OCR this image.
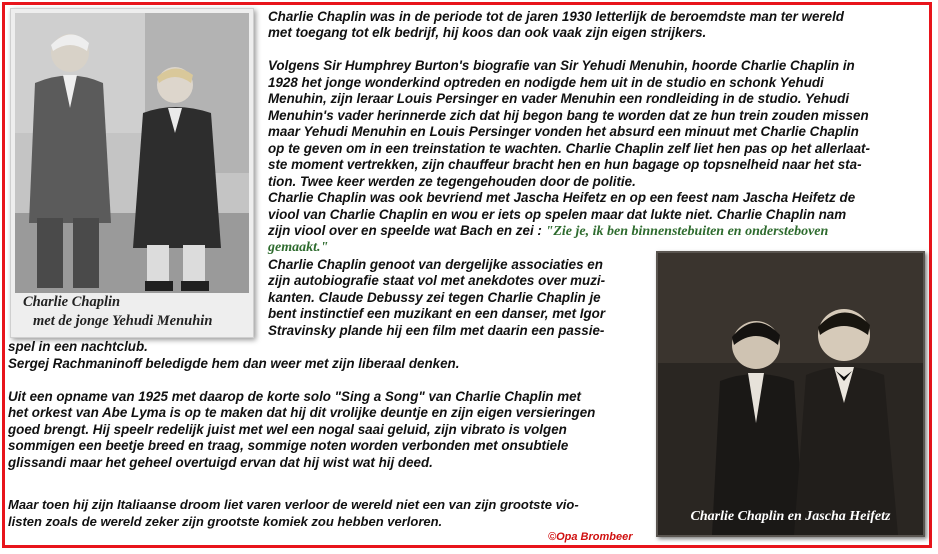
Charlie Chaplin
met de jonge Yehudi Menuhin
Charlie Chaplin en Jascha Heifetz

Charlie Chaplin was in de periode tot de jaren 1930 letterlijk de beroemdste man ter wereld

met toegang tot elk bedrijf, hij koos dan ook vaak zijn eigen strijkers.

Volgens Sir Humphrey Burton's biografie van Sir Yehudi Menuhin, hoorde Charlie Chaplin in

1928 het jonge wonderkind optreden en nodigde hem uit in de studio en schonk Yehudi

Menuhin, zijn leraar Louis Persinger en vader Menuhin een rondleiding in de studio. Yehudi

Menuhin's vader herinnerde zich dat hij begon bang te worden dat ze hun trein zouden missen

maar Yehudi Menuhin en Louis Persinger vonden het absurd een minuut met Charlie Chaplin

op te geven om in een treinstation te wachten. Charlie Chaplin zelf liet hen pas op het allerlaat-

ste moment vertrekken, zijn chauffeur bracht hen en hun bagage op topsnelheid naar het sta-

tion. Twee keer werden ze tegengehouden door de politie.

Charlie Chaplin was ook bevriend met Jascha Heifetz en op een feest nam Jascha Heifetz de

viool van Charlie Chaplin en wou er iets op spelen maar dat lukte niet. Charlie Chaplin nam

zijn viool over en speelde wat Bach en zei : "Zie je, ik ben binnenstebuiten en ondersteboven

gemaakt."

Charlie Chaplin genoot van dergelijke associaties en

zijn autobiografie staat vol met anekdotes over muzi-

kanten. Claude Debussy zei tegen Charlie Chaplin je

bent instinctief een muzikant en een danser, met Igor

Stravinsky plande hij een film met daarin een passie-

spel in een nachtclub.

Sergej Rachmaninoff beledigde hem dan weer met zijn liberaal denken.

Uit een opname van 1925 met daarop de korte solo "Sing a Song" van Charlie Chaplin met

het orkest van Abe Lyma is op te maken dat hij dit vrolijke deuntje en zijn eigen versieringen

goed brengt. Hij speelr redelijk juist met wel een nogal saai geluid, zijn vibrato is volgen

sommigen een beetje breed en traag, sommige noten worden verbonden met onsubtiele

glissandi maar het geheel overtuigd ervan dat hij wist wat hij deed.

Maar toen hij zijn Italiaanse droom liet varen verloor de wereld niet een van zijn grootste vio-

listen zoals de wereld zeker zijn grootste komiek zou hebben verloren.

©Opa Brombeer
